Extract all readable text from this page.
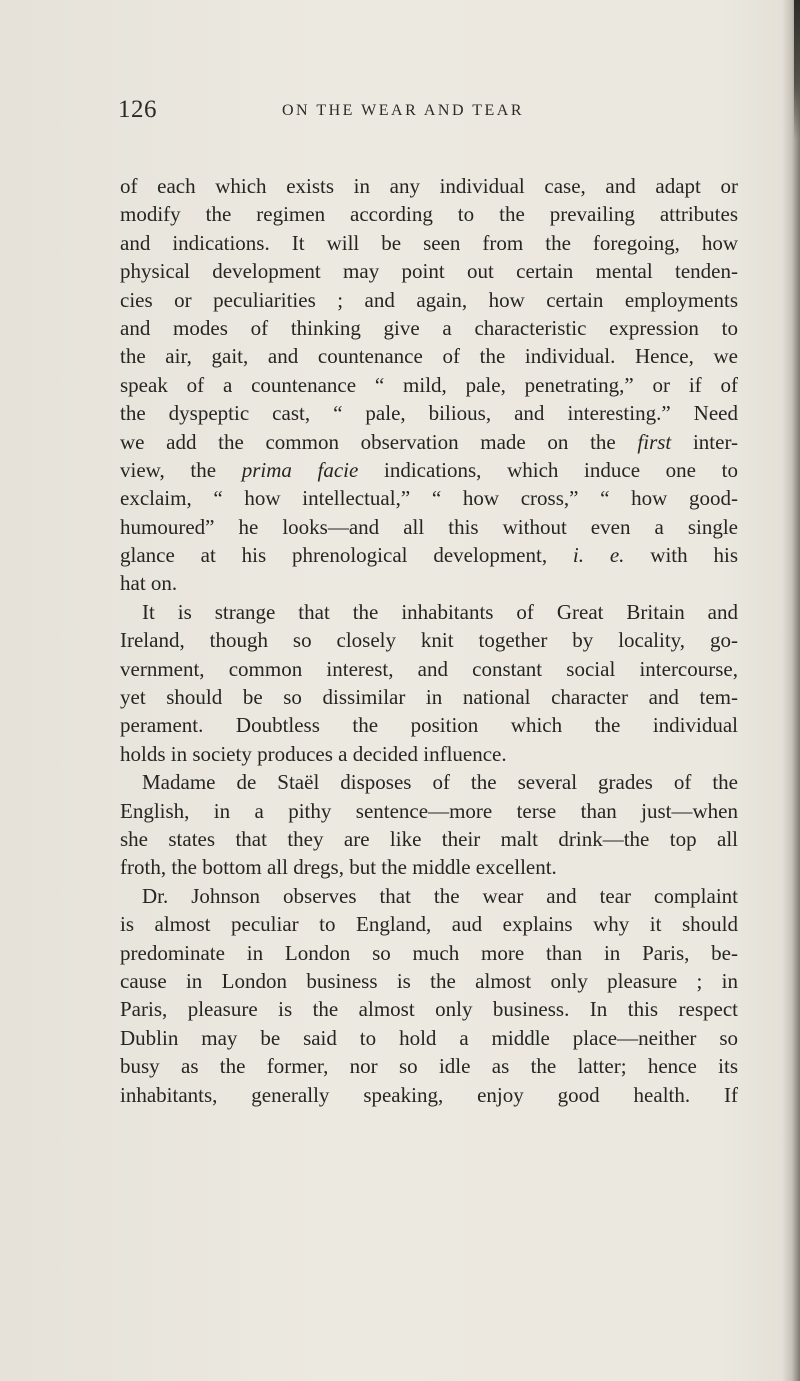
126	ON THE WEAR AND TEAR
of each which exists in any individual case, and adapt or
modify the regimen according to the prevailing attributes
and indications. It will be seen from the foregoing, how
physical development may point out certain mental tenden-
cies or peculiarities ; and again, how certain employments
and modes of thinking give a characteristic expression to
the air, gait, and countenance of the individual. Hence, we
speak of a countenance “ mild, pale, penetrating,” or if of
the dyspeptic cast, “ pale, bilious, and interesting.” Need
we add the common observation made on the first inter-
view, the prima facie indications, which induce one to
exclaim, “ how intellectual,” “ how cross,” “ how good-
humoured” he looks—and all this without even a single
glance at his phrenological development, i. e. with his
hat on.
It is strange that the inhabitants of Great Britain and
Ireland, though so closely knit together by locality, go-
vernment, common interest, and constant social intercourse,
yet should be so dissimilar in national character and tem-
perament. Doubtless the position which the individual
holds in society produces a decided influence.
Madame de Staël disposes of the several grades of the
English, in a pithy sentence—more terse than just—when
she states that they are like their malt drink—the top all
froth, the bottom all dregs, but the middle excellent.
Dr. Johnson observes that the wear and tear complaint
is almost peculiar to England, aud explains why it should
predominate in London so much more than in Paris, be-
cause in London business is the almost only pleasure ; in
Paris, pleasure is the almost only business. In this respect
Dublin may be said to hold a middle place—neither so
busy as the former, nor so idle as the latter; hence its
inhabitants, generally speaking, enjoy good health. If
